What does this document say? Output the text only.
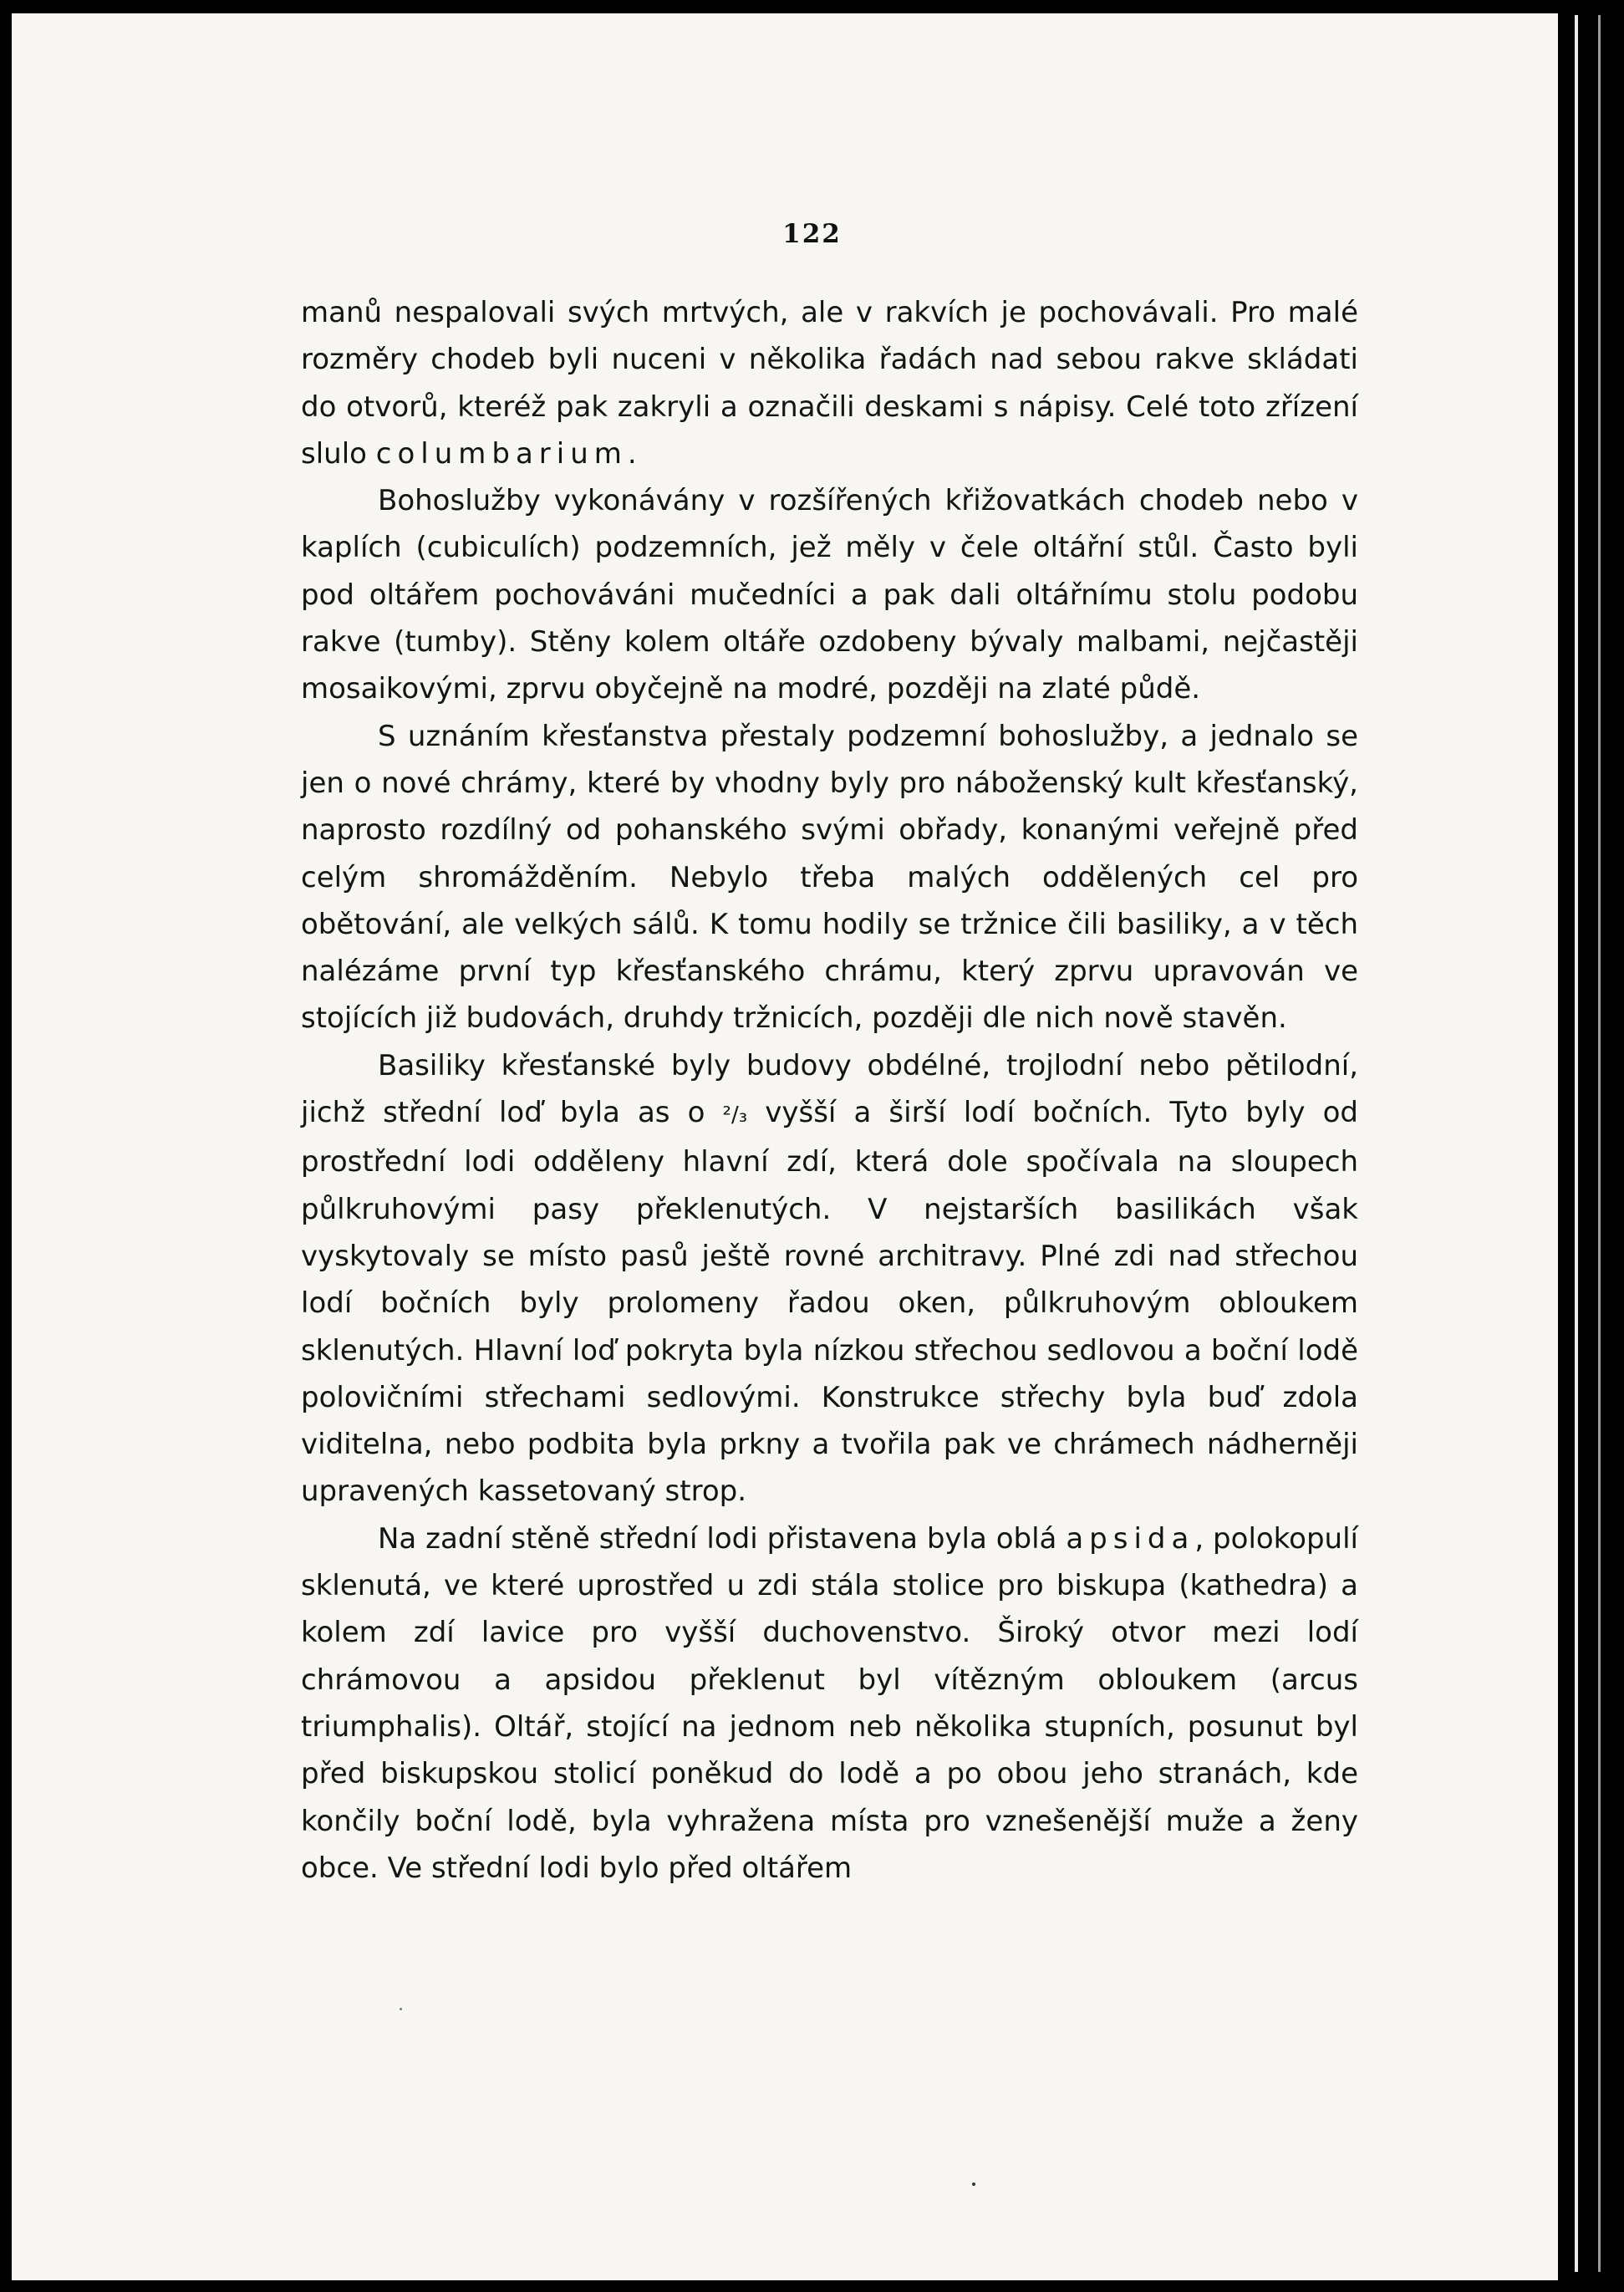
122

manů nespalovali svých mrtvých, ale v rakvích je pochovávali. Pro malé rozměry chodeb byli nuceni v několika řadách nad sebou rakve skládati do otvorů, kteréž pak zakryli a označili deskami s nápisy. Celé toto zřízení slulo columbarium.

Bohoslužby vykonávány v rozšířených křižovatkách chodeb nebo v kaplích (cubiculích) podzemních, jež měly v čele oltářní stůl. Často byli pod oltářem pochováváni mučedníci a pak dali oltářnímu stolu podobu rakve (tumby). Stěny kolem oltáře ozdobeny bývaly malbami, nejčastěji mosaikovými, zprvu obyčejně na modré, později na zlaté půdě.

S uznáním křesťanstva přestaly podzemní bohoslužby, a jednalo se jen o nové chrámy, které by vhodny byly pro náboženský kult křesťanský, naprosto rozdílný od pohanského svými obřady, konanými veřejně před celým shromážděním. Nebylo třeba malých oddělených cel pro obětování, ale velkých sálů. K tomu hodily se tržnice čili basiliky, a v těch nalézáme první typ křesťanského chrámu, který zprvu upravován ve stojících již budovách, druhdy tržnicích, později dle nich nově stavěn.

Basiliky křesťanské byly budovy obdélné, trojlodní nebo pětilodní, jichž střední loď byla as o ²/₃ vyšší a širší lodí bočních. Tyto byly od prostřední lodi odděleny hlavní zdí, která dole spočívala na sloupech půlkruhovými pasy překlenutých. V nejstarších basilikách však vyskytovaly se místo pasů ještě rovné architravy. Plné zdi nad střechou lodí bočních byly prolomeny řadou oken, půlkruhovým obloukem sklenutých. Hlavní loď pokryta byla nízkou střechou sedlovou a boční lodě polovičními střechami sedlovými. Konstrukce střechy byla buď zdola viditelna, nebo podbita byla prkny a tvořila pak ve chrámech nádherněji upravených kassetovaný strop.

Na zadní stěně střední lodi přistavena byla oblá apsida, polokopulí sklenutá, ve které uprostřed u zdi stála stolice pro biskupa (kathedra) a kolem zdí lavice pro vyšší duchovenstvo. Široký otvor mezi lodí chrámovou a apsidou překlenut byl vítězným obloukem (arcus triumphalis). Oltář, stojící na jednom neb několika stupních, posunut byl před biskupskou stolicí poněkud do lodě a po obou jeho stranách, kde končily boční lodě, byla vyhražena místa pro vznešenější muže a ženy obce. Ve střední lodi bylo před oltářem
